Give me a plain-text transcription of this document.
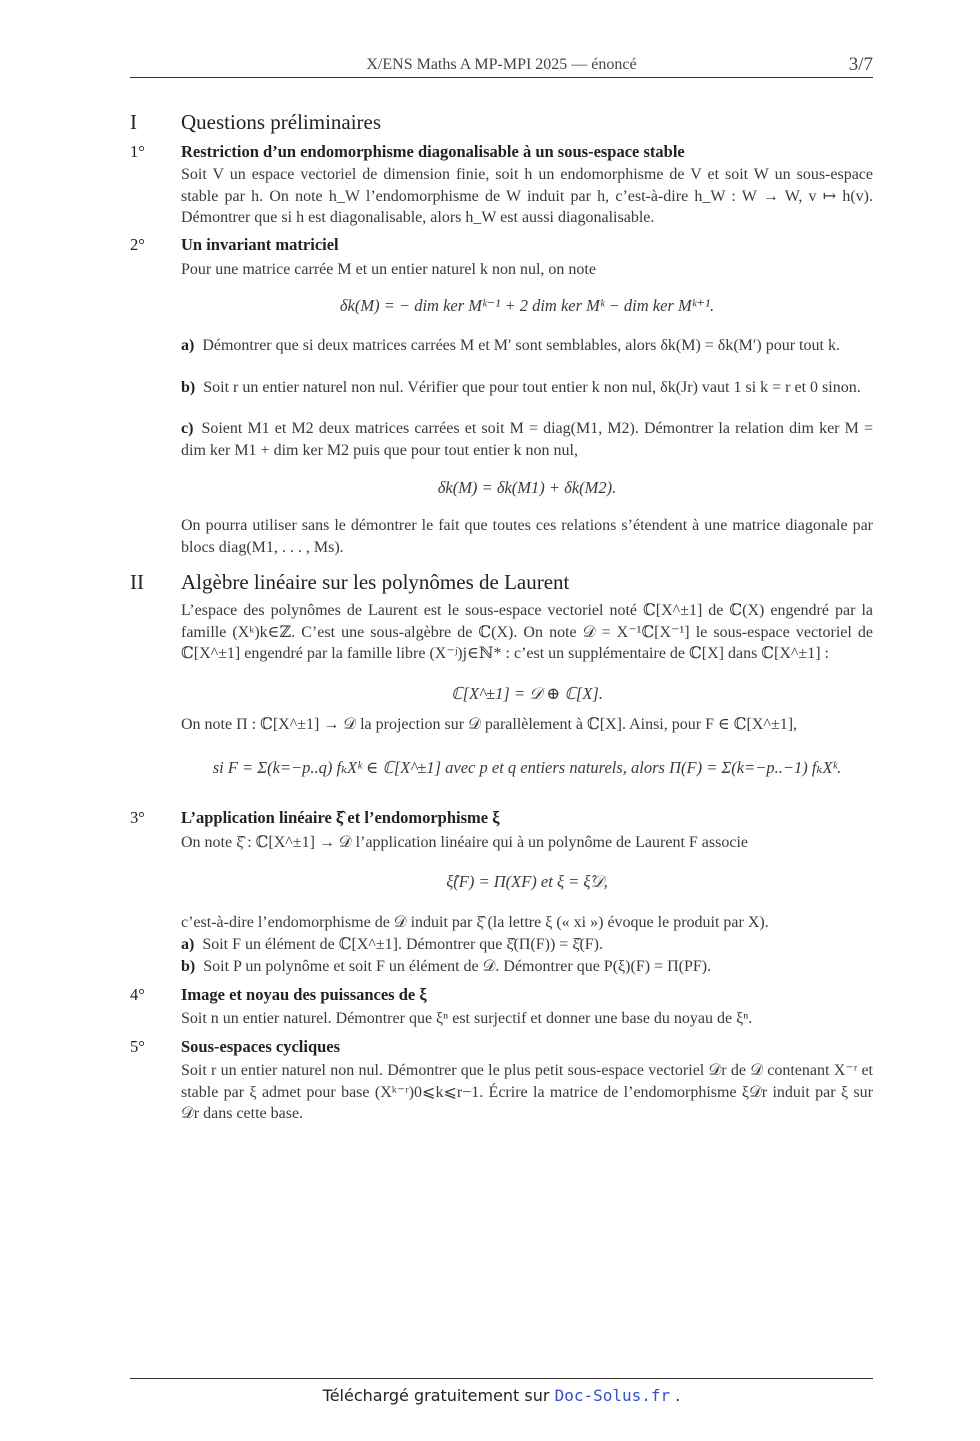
X/ENS Maths A MP-MPI 2025 — énoncé	3/7
I Questions préliminaires
1° Restriction d’un endomorphisme diagonalisable à un sous-espace stable
Soit V un espace vectoriel de dimension finie, soit h un endomorphisme de V et soit W un sous-espace stable par h. On note h_W l’endomorphisme de W induit par h, c’est-à-dire h_W : W → W, v ↦ h(v). Démontrer que si h est diagonalisable, alors h_W est aussi diagonalisable.
2° Un invariant matriciel
Pour une matrice carrée M et un entier naturel k non nul, on note
δk(M) = − dim ker Mᵏ⁻¹ + 2 dim ker Mᵏ − dim ker Mᵏ⁺¹.
a) Démontrer que si deux matrices carrées M et M′ sont semblables, alors δk(M) = δk(M′) pour tout k.
b) Soit r un entier naturel non nul. Vérifier que pour tout entier k non nul, δk(Jr) vaut 1 si k = r et 0 sinon.
c) Soient M1 et M2 deux matrices carrées et soit M = diag(M1, M2). Démontrer la relation dim ker M = dim ker M1 + dim ker M2 puis que pour tout entier k non nul,
δk(M) = δk(M1) + δk(M2).
On pourra utiliser sans le démontrer le fait que toutes ces relations s’étendent à une matrice diagonale par blocs diag(M1, . . . , Ms).
II Algèbre linéaire sur les polynômes de Laurent
L’espace des polynômes de Laurent est le sous-espace vectoriel noté ℂ[X^±1] de ℂ(X) engendré par la famille (Xᵏ)k∈ℤ. C’est une sous-algèbre de ℂ(X). On note 𝒟 = X⁻¹ℂ[X⁻¹] le sous-espace vectoriel de ℂ[X^±1] engendré par la famille libre (X⁻ʲ)j∈ℕ* : c’est un supplémentaire de ℂ[X] dans ℂ[X^±1] :
ℂ[X^±1] = 𝒟 ⊕ ℂ[X].
On note Π : ℂ[X^±1] → 𝒟 la projection sur 𝒟 parallèlement à ℂ[X]. Ainsi, pour F ∈ ℂ[X^±1],
si F = Σ(k=−p..q) fₖXᵏ ∈ ℂ[X^±1] avec p et q entiers naturels, alors Π(F) = Σ(k=−p..−1) fₖXᵏ.
3° L’application linéaire ξ̂ et l’endomorphisme ξ
On note ξ̂ : ℂ[X^±1] → 𝒟 l’application linéaire qui à un polynôme de Laurent F associe
ξ̂(F) = Π(XF) et ξ = ξ̂𝒟,
c’est-à-dire l’endomorphisme de 𝒟 induit par ξ̂ (la lettre ξ (« xi ») évoque le produit par X).
a) Soit F un élément de ℂ[X^±1]. Démontrer que ξ̂(Π(F)) = ξ̂(F).
b) Soit P un polynôme et soit F un élément de 𝒟. Démontrer que P(ξ)(F) = Π(PF).
4° Image et noyau des puissances de ξ
Soit n un entier naturel. Démontrer que ξⁿ est surjectif et donner une base du noyau de ξⁿ.
5° Sous-espaces cycliques
Soit r un entier naturel non nul. Démontrer que le plus petit sous-espace vectoriel 𝒟r de 𝒟 contenant X⁻ʳ et stable par ξ admet pour base (Xᵏ⁻ʳ)0⩽k⩽r−1. Écrire la matrice de l’endomorphisme ξ𝒟r induit par ξ sur 𝒟r dans cette base.
Téléchargé gratuitement sur Doc-Solus.fr .
